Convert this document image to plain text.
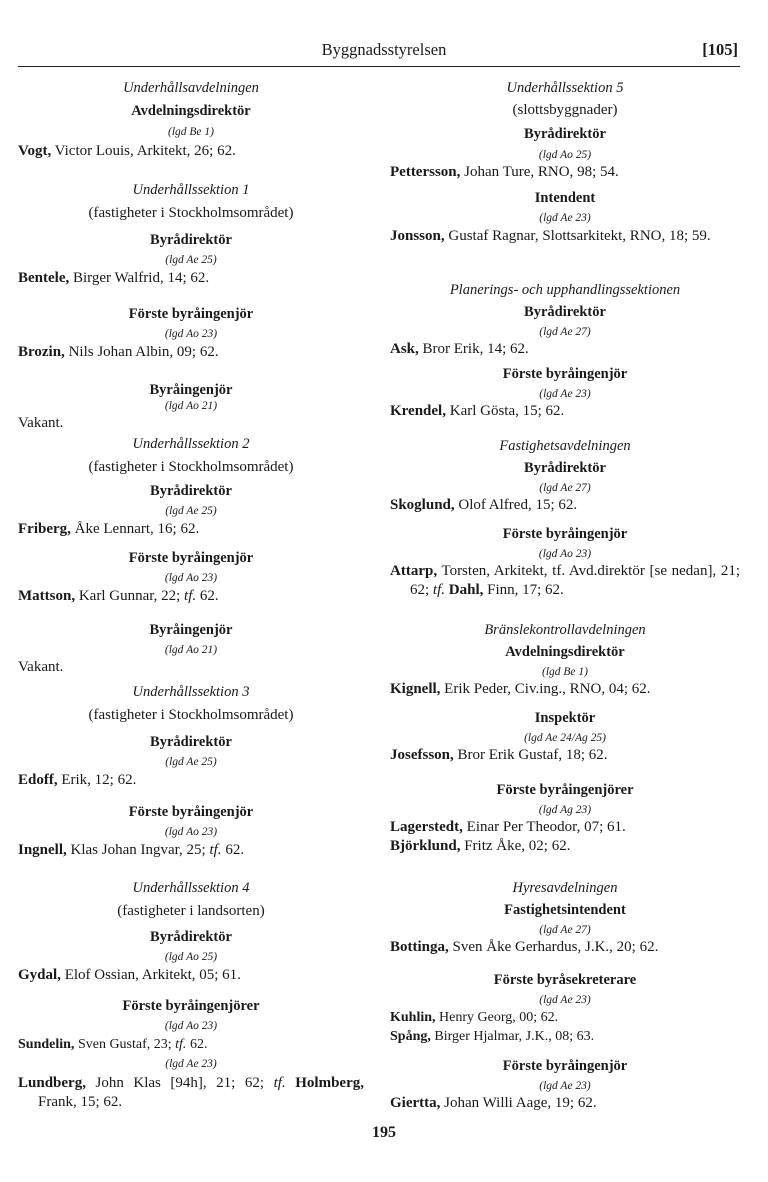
Byggnadsstyrelsen	[105]

Underhållsavdelningen

Avdelningsdirektör

(lgd Be 1)

Vogt, Victor Louis, Arkitekt, 26; 62.

Underhållssektion 1

(fastigheter i Stockholmsområdet)

Byrådirektör

(lgd Ae 25)

Bentele, Birger Walfrid, 14; 62.

Förste byråingenjör

(lgd Ao 23)

Brozin, Nils Johan Albin, 09; 62.

Byråingenjör

(lgd Ao 21)

Vakant.

Underhållssektion 2

(fastigheter i Stockholmsområdet)

Byrådirektör

(lgd Ae 25)

Friberg, Åke Lennart, 16; 62.

Förste byråingenjör

(lgd Ao 23)

Mattson, Karl Gunnar, 22; tf. 62.

Byråingenjör

(lgd Ao 21)

Vakant.

Underhållssektion 3

(fastigheter i Stockholmsområdet)

Byrådirektör

(lgd Ae 25)

Edoff, Erik, 12; 62.

Förste byråingenjör

(lgd Ao 23)

Ingnell, Klas Johan Ingvar, 25; tf. 62.

Underhållssektion 4

(fastigheter i landsorten)

Byrådirektör

(lgd Ao 25)

Gydal, Elof Ossian, Arkitekt, 05; 61.

Förste byråingenjörer

(lgd Ao 23)

Sundelin, Sven Gustaf, 23; tf. 62.

(lgd Ae 23)

Lundberg, John Klas [94h], 21; 62; tf. Holmberg, Frank, 15; 62.

Underhållssektion 5

(slottsbyggnader)

Byrådirektör

(lgd Ao 25)

Pettersson, Johan Ture, RNO, 98; 54.

Intendent

(lgd Ae 23)

Jonsson, Gustaf Ragnar, Slottsarkitekt, RNO, 18; 59.

Planerings- och upphandlingssektionen

Byrådirektör

(lgd Ae 27)

Ask, Bror Erik, 14; 62.

Förste byråingenjör

(lgd Ae 23)

Krendel, Karl Gösta, 15; 62.

Fastighetsavdelningen

Byrådirektör

(lgd Ae 27)

Skoglund, Olof Alfred, 15; 62.

Förste byråingenjör

(lgd Ao 23)

Attarp, Torsten, Arkitekt, tf. Avd.direktör [se nedan], 21; 62; tf. Dahl, Finn, 17; 62.

Bränslekontrollavdelningen

Avdelningsdirektör

(lgd Be 1)

Kignell, Erik Peder, Civ.ing., RNO, 04; 62.

Inspektör

(lgd Ae 24/Ag 25)

Josefsson, Bror Erik Gustaf, 18; 62.

Förste byråingenjörer

(lgd Ag 23)

Lagerstedt, Einar Per Theodor, 07; 61.

Björklund, Fritz Åke, 02; 62.

Hyresavdelningen

Fastighetsintendent

(lgd Ae 27)

Bottinga, Sven Åke Gerhardus, J.K., 20; 62.

Förste byråsekreterare

(lgd Ae 23)

Kuhlin, Henry Georg, 00; 62.

Spång, Birger Hjalmar, J.K., 08; 63.

Förste byråingenjör

(lgd Ae 23)

Giertta, Johan Willi Aage, 19; 62.

195
